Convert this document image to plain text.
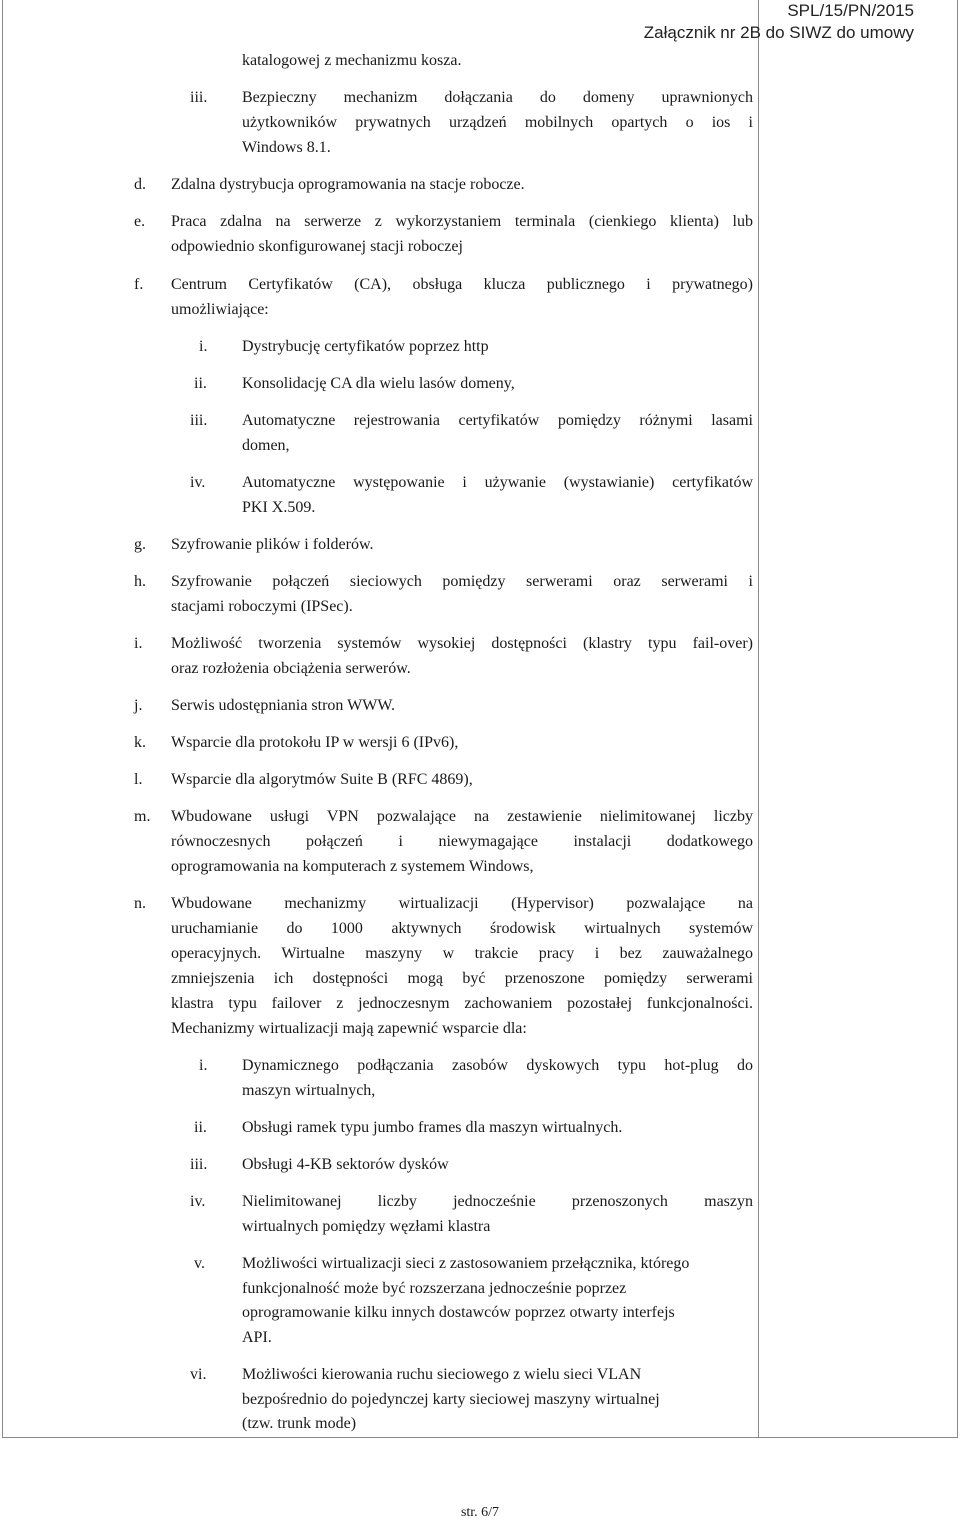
SPL/15/PN/2015
Załącznik nr 2B do SIWZ do umowy
katalogowej z mechanizmu kosza.
iii. Bezpieczny mechanizm dołączania do domeny uprawnionych
użytkowników prywatnych urządzeń mobilnych opartych o ios i
Windows 8.1.
d. Zdalna dystrybucja oprogramowania na stacje robocze.
e. Praca zdalna na serwerze z wykorzystaniem terminala (cienkiego klienta) lub
odpowiednio skonfigurowanej stacji roboczej
f. Centrum Certyfikatów (CA), obsługa klucza publicznego i prywatnego)
umożliwiające:
i. Dystrybucję certyfikatów poprzez http
ii. Konsolidację CA dla wielu lasów domeny,
iii. Automatyczne rejestrowania certyfikatów pomiędzy różnymi lasami
domen,
iv. Automatyczne występowanie i używanie (wystawianie) certyfikatów
PKI X.509.
g. Szyfrowanie plików i folderów.
h. Szyfrowanie połączeń sieciowych pomiędzy serwerami oraz serwerami i
stacjami roboczymi (IPSec).
i. Możliwość tworzenia systemów wysokiej dostępności (klastry typu fail-over)
oraz rozłożenia obciążenia serwerów.
j. Serwis udostępniania stron WWW.
k. Wsparcie dla protokołu IP w wersji 6 (IPv6),
l. Wsparcie dla algorytmów Suite B (RFC 4869),
m. Wbudowane usługi VPN pozwalające na zestawienie nielimitowanej liczby
równoczesnych połączeń i niewymagające instalacji dodatkowego
oprogramowania na komputerach z systemem Windows,
n. Wbudowane mechanizmy wirtualizacji (Hypervisor) pozwalające na
uruchamianie do 1000 aktywnych środowisk wirtualnych systemów
operacyjnych. Wirtualne maszyny w trakcie pracy i bez zauważalnego
zmniejszenia ich dostępności mogą być przenoszone pomiędzy serwerami
klastra typu failover z jednoczesnym zachowaniem pozostałej funkcjonalności.
Mechanizmy wirtualizacji mają zapewnić wsparcie dla:
i. Dynamicznego podłączania zasobów dyskowych typu hot-plug do
maszyn wirtualnych,
ii. Obsługi ramek typu jumbo frames dla maszyn wirtualnych.
iii. Obsługi 4-KB sektorów dysków
iv. Nielimitowanej liczby jednocześnie przenoszonych maszyn
wirtualnych pomiędzy węzłami klastra
v. Możliwości wirtualizacji sieci z zastosowaniem przełącznika, którego
funkcjonalność może być rozszerzana jednocześnie poprzez
oprogramowanie kilku innych dostawców poprzez otwarty interfejs
API.
vi. Możliwości kierowania ruchu sieciowego z wielu sieci VLAN
bezpośrednio do pojedynczej karty sieciowej maszyny wirtualnej
(tzw. trunk mode)
str. 6/7
